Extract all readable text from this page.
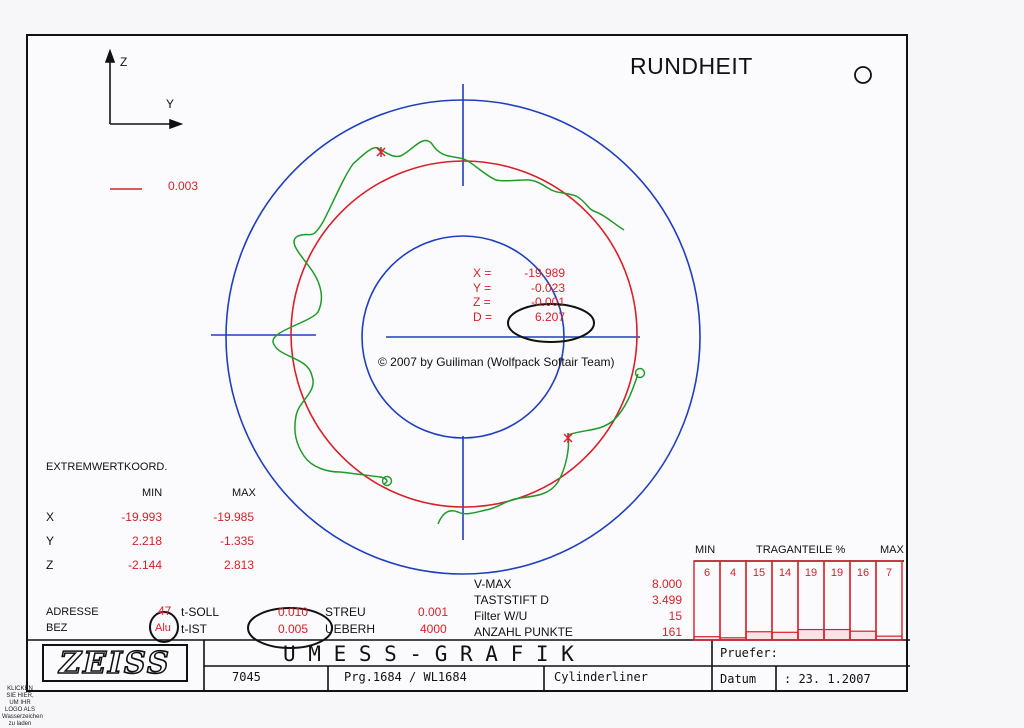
Z
Y
RUNDHEIT
0.003
X =	-19.989
Y =	-0.023
Z =	-0.001
D =	6.207
© 2007 by Guiliman (Wolfpack Softair Team)
EXTREMWERTKOORD.
MIN	MAX
X	-19.993	-19.985
Y	2.218	-1.335
Z	-2.144	2.813
ADRESSE	47
BEZ	Alu
t-SOLL	0.010
t-IST	0.005
STREU	0.001
UEBERH	4000
V-MAX	8.000
TASTSTIFT D	3.499
Filter W/U	15
ANZAHL PUNKTE	161
MIN	TRAGANTEILE %	MAX
6	4	15	14	19	19	16	7
ZEISS	U M E S S - G R A F I K
7045	Prg.1684 / WL1684	Cylinderliner
Pruefer:
Datum : 23. 1.2007
KLICKEN SIE HIER, UM IHR LOGO ALS Wasserzeichen zu laden
